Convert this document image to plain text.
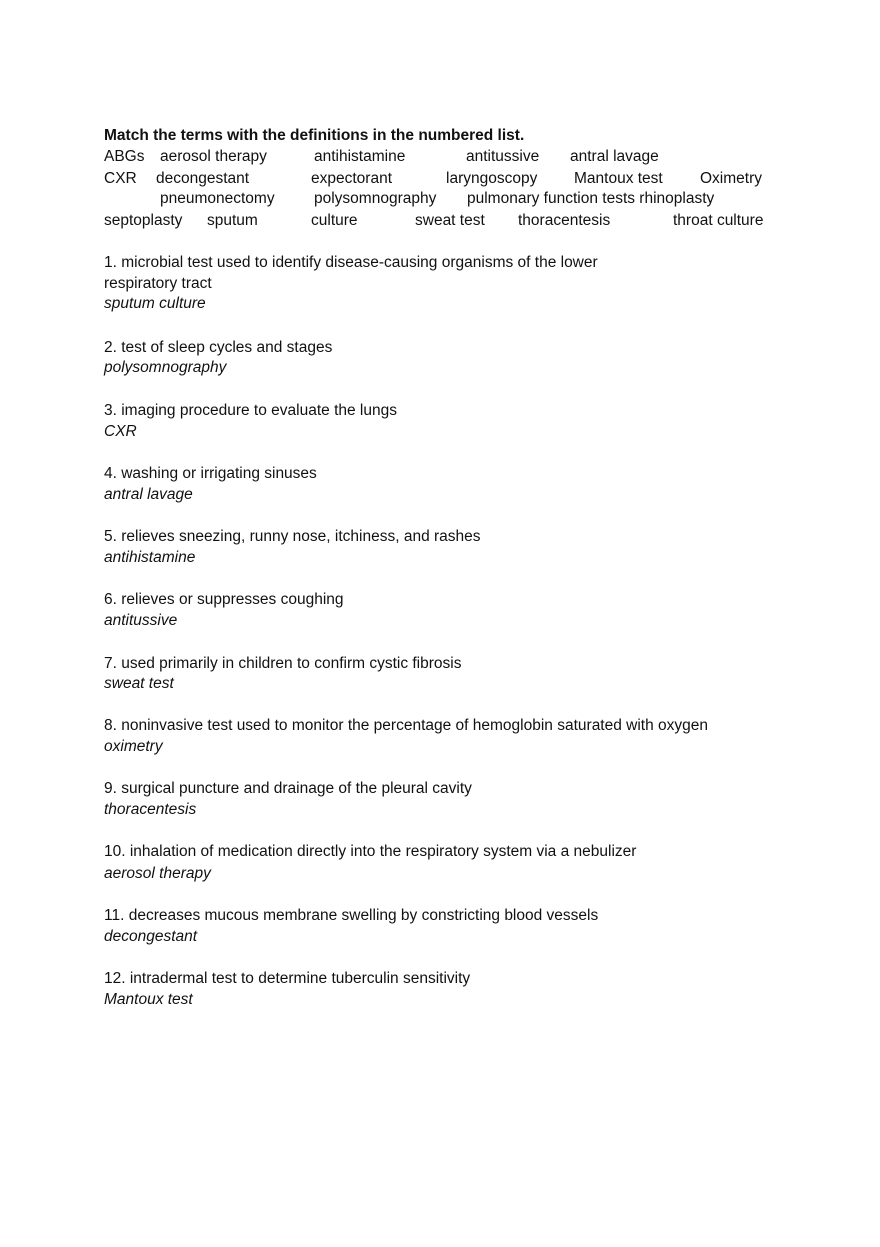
Match the terms with the definitions in the numbered list.
ABGs aerosol therapy	antihistamine	antitussive antral lavage
CXR decongestant	expectorant	laryngoscopy Mantoux test Oximetry
pneumonectomy	polysomnography pulmonary function tests rhinoplasty
septoplasty sputum	culture	sweat test thoracentesis	throat culture
1. microbial test used to identify disease-causing organisms of the lower
respiratory tract
sputum culture
2. test of sleep cycles and stages
polysomnography
3. imaging procedure to evaluate the lungs
CXR
4. washing or irrigating sinuses
antral lavage
5. relieves sneezing, runny nose, itchiness, and rashes
antihistamine
6. relieves or suppresses coughing
antitussive
7. used primarily in children to confirm cystic fibrosis
sweat test
8. noninvasive test used to monitor the percentage of hemoglobin saturated with oxygen
oximetry
9. surgical puncture and drainage of the pleural cavity
thoracentesis
10. inhalation of medication directly into the respiratory system via a nebulizer
aerosol therapy
11. decreases mucous membrane swelling by constricting blood vessels
decongestant
12. intradermal test to determine tuberculin sensitivity
Mantoux test
